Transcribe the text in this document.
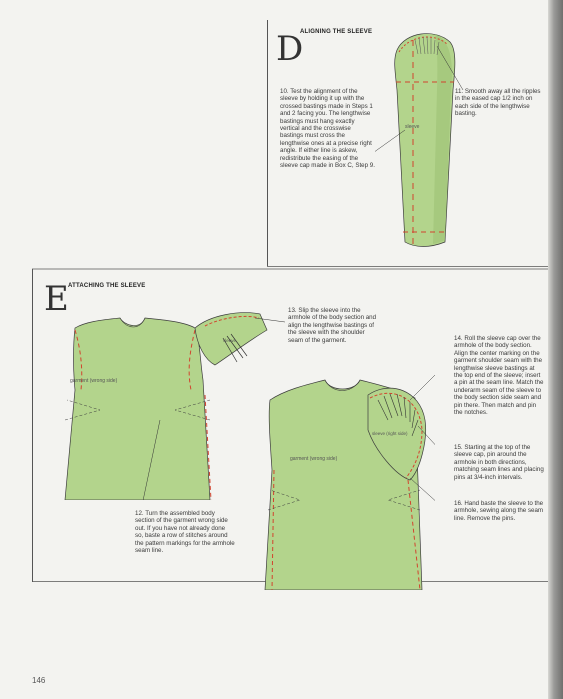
D
ALIGNING THE SLEEVE
sleeve
10. Test the alignment of the sleeve by holding it up with the crossed bastings made in Steps 1 and 2 facing you. The lengthwise bastings must hang exactly vertical and the crosswise bastings must cross the lengthwise ones at a precise right angle. If either line is askew, redistribute the easing of the sleeve cap made in Box C, Step 9.
11. Smooth away all the ripples in the eased cap 1/2 inch on each side of the lengthwise basting.
E ATTACHING THE SLEEVE
garment (wrong side)
sleeve
garment (wrong side)
sleeve (right side)
12. Turn the assembled body section of the garment wrong side out. If you have not already done so, baste a row of stitches around the pattern markings for the armhole seam line.
13. Slip the sleeve into the armhole of the body section and align the lengthwise bastings of the sleeve with the shoulder seam of the garment.	14. Roll the sleeve cap over the armhole of the body section. Align the center marking on the garment shoulder seam with the lengthwise sleeve bastings at the top end of the sleeve; insert a pin at the seam line. Match the underarm seam of the sleeve to the body section side seam and pin there. Then match and pin the notches.
15. Starting at the top of the sleeve cap, pin around the armhole in both directions, matching seam lines and placing pins at 3/4-inch intervals.
16. Hand baste the sleeve to the armhole, sewing along the seam line. Remove the pins.
146
